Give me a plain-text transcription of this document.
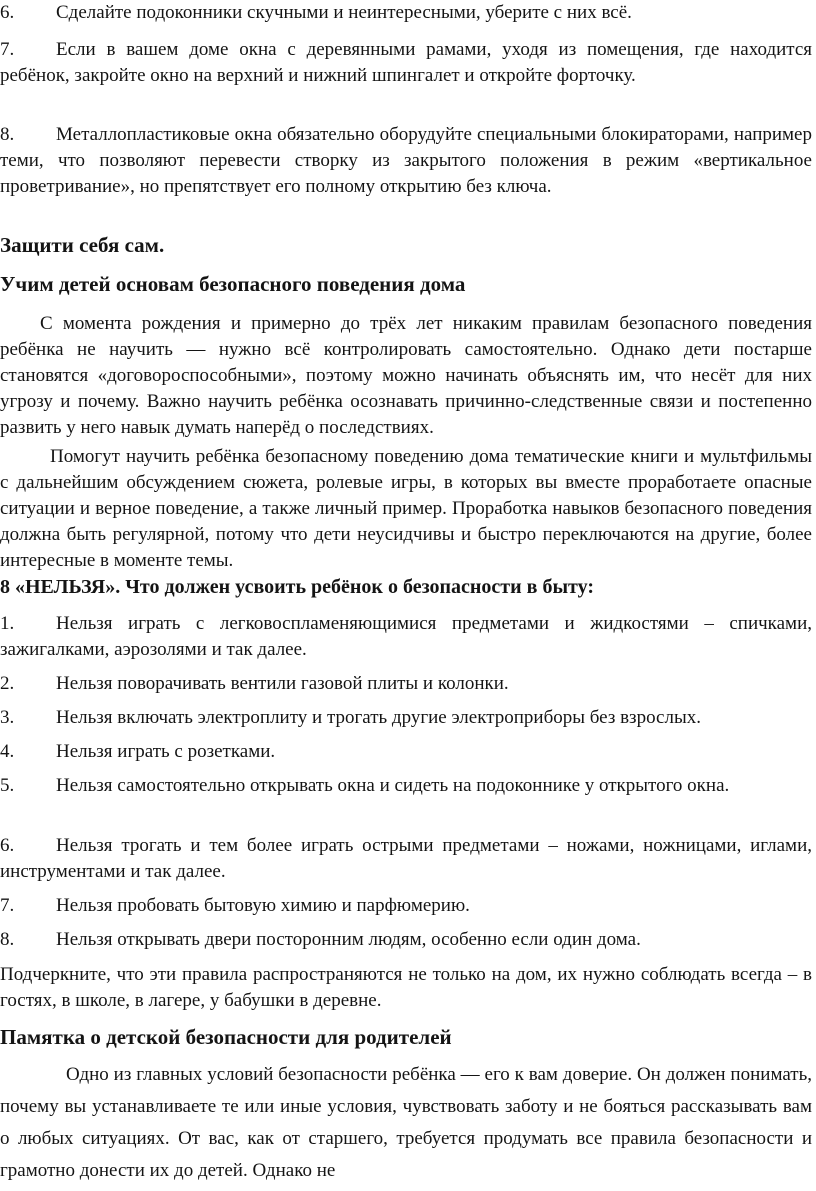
6. Сделайте подоконники скучными и неинтересными, уберите с них всё.

7. Если в вашем доме окна с деревянными рамами, уходя из помещения, где находится ребёнок, закройте окно на верхний и нижний шпингалет и откройте форточку.

8. Металлопластиковые окна обязательно оборудуйте специальными блокираторами, например теми, что позволяют перевести створку из закрытого положения в режим «вертикальное проветривание», но препятствует его полному открытию без ключа.

Защити себя сам.

Учим детей основам безопасного поведения дома

С момента рождения и примерно до трёх лет никаким правилам безопасного поведения ребёнка не научить — нужно всё контролировать самостоятельно. Однако дети постарше становятся «договороспособными», поэтому можно начинать объяснять им, что несёт для них угрозу и почему. Важно научить ребёнка осознавать причинно-следственные связи и постепенно развить у него навык думать наперёд о последствиях.

Помогут научить ребёнка безопасному поведению дома тематические книги и мультфильмы с дальнейшим обсуждением сюжета, ролевые игры, в которых вы вместе проработаете опасные ситуации и верное поведение, а также личный пример. Проработка навыков безопасного поведения должна быть регулярной, потому что дети неусидчивы и быстро переключаются на другие, более интересные в моменте темы.

8 «НЕЛЬЗЯ». Что должен усвоить ребёнок о безопасности в быту:

1. Нельзя играть с легковоспламеняющимися предметами и жидкостями – спичками, зажигалками, аэрозолями и так далее.

2. Нельзя поворачивать вентили газовой плиты и колонки.

3. Нельзя включать электроплиту и трогать другие электроприборы без взрослых.

4. Нельзя играть с розетками.

5. Нельзя самостоятельно открывать окна и сидеть на подоконнике у открытого окна.

6. Нельзя трогать и тем более играть острыми предметами – ножами, ножницами, иглами, инструментами и так далее.

7. Нельзя пробовать бытовую химию и парфюмерию.

8. Нельзя открывать двери посторонним людям, особенно если один дома.

Подчеркните, что эти правила распространяются не только на дом, их нужно соблюдать всегда – в гостях, в школе, в лагере, у бабушки в деревне.

Памятка о детской безопасности для родителей

Одно из главных условий безопасности ребёнка — его к вам доверие. Он должен понимать, почему вы устанавливаете те или иные условия, чувствовать заботу и не бояться рассказывать вам о любых ситуациях. От вас, как от старшего, требуется продумать все правила безопасности и грамотно донести их до детей. Однако не
